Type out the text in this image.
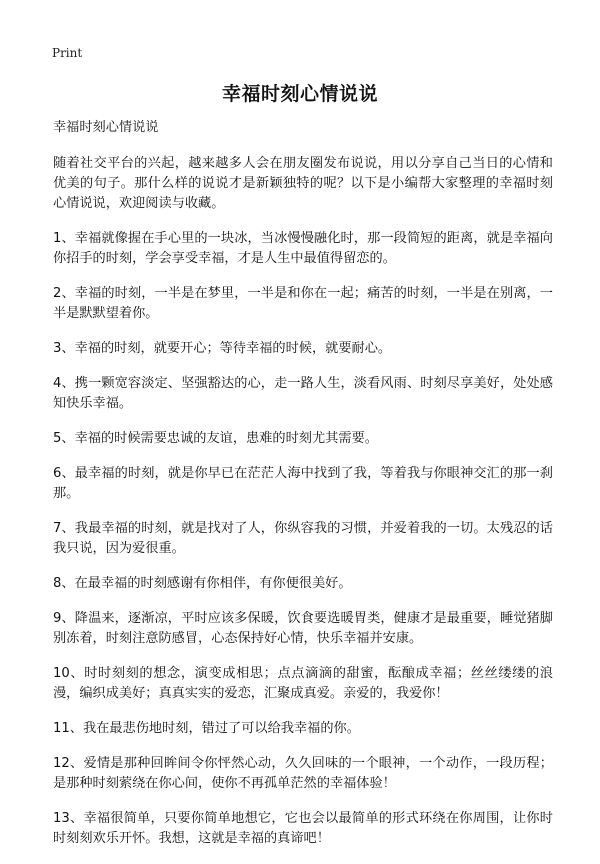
Print
幸福时刻心情说说

幸福时刻心情说说

随着社交平台的兴起，越来越多人会在朋友圈发布说说，用以分享自己当日的心情和优美的句子。那什么样的说说才是新颖独特的呢？以下是小编帮大家整理的幸福时刻心情说说，欢迎阅读与收藏。

1、幸福就像握在手心里的一块冰，当冰慢慢融化时，那一段简短的距离，就是幸福向你招手的时刻，学会享受幸福，才是人生中最值得留恋的。

2、幸福的时刻，一半是在梦里，一半是和你在一起；痛苦的时刻，一半是在别离，一半是默默望着你。

3、幸福的时刻，就要开心；等待幸福的时候，就要耐心。

4、携一颗宽容淡定、坚强豁达的心，走一路人生，淡看风雨、时刻尽享美好，处处感知快乐幸福。

5、幸福的时候需要忠诚的友谊，患难的时刻尤其需要。

6、最幸福的时刻，就是你早已在茫茫人海中找到了我，等着我与你眼神交汇的那一刹那。

7、我最幸福的时刻，就是找对了人，你纵容我的习惯，并爱着我的一切。太残忍的话我只说，因为爱很重。

8、在最幸福的时刻感谢有你相伴，有你便很美好。

9、降温来，逐渐凉，平时应该多保暖，饮食要选暖胃类，健康才是最重要，睡觉猪脚别冻着，时刻注意防感冒，心态保持好心情，快乐幸福并安康。

10、时时刻刻的想念，演变成相思；点点滴滴的甜蜜，酝酿成幸福；丝丝缕缕的浪漫，编织成美好；真真实实的爱恋，汇聚成真爱。亲爱的，我爱你！

11、我在最悲伤地时刻，错过了可以给我幸福的你。

12、爱情是那种回眸间令你怦然心动，久久回味的一个眼神，一个动作，一段历程；是那种时刻萦绕在你心间，使你不再孤单茫然的幸福体验！

13、幸福很简单，只要你简单地想它，它也会以最简单的形式环绕在你周围，让你时时刻刻欢乐开怀。我想，这就是幸福的真谛吧！
